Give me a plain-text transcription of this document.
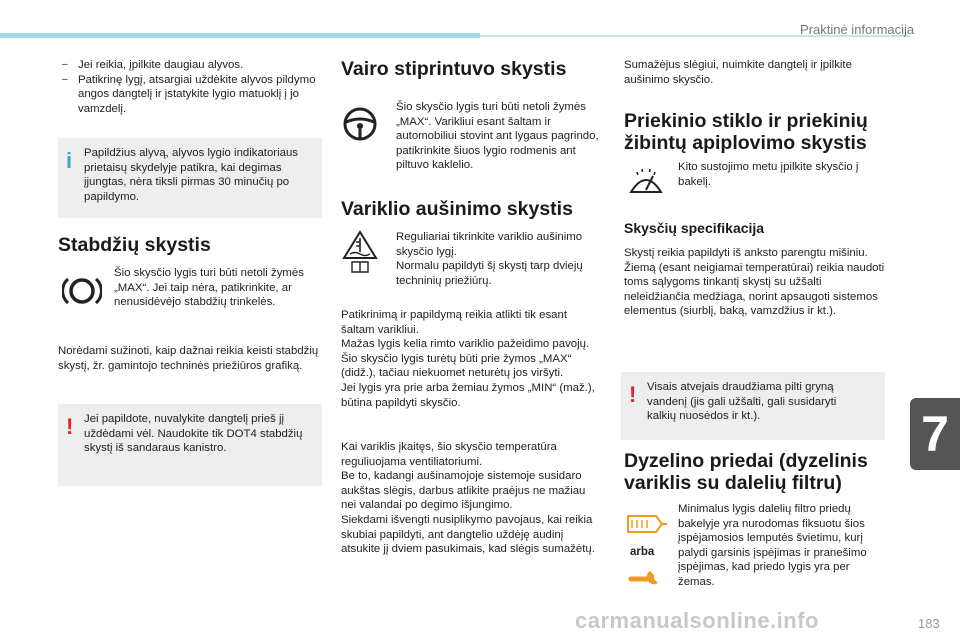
Praktinė informacija
– Jei reikia, įpilkite daugiau alyvos.
– Patikrinę lygį, atsargiai uždėkite alyvos pildymo angos dangtelį ir įstatykite lygio matuoklį į jo vamzdelį.
i Papildžius alyvą, alyvos lygio indikatoriaus prietaisų skydelyje patikra, kai degimas įjungtas, nėra tiksli pirmas 30 minučių po papildymo.
Stabdžių skystis
Šio skysčio lygis turi būti netoli žymės „MAX“. Jei taip nėra, patikrinkite, ar nenusidėvėjo stabdžių trinkelės.
Norėdami sužinoti, kaip dažnai reikia keisti stabdžių skystį, žr. gamintojo techninės priežiūros grafiką.
! Jei papildote, nuvalykite dangtelį prieš jį uždėdami vėl. Naudokite tik DOT4 stabdžių skystį iš sandaraus kanistro.
Vairo stiprintuvo skystis
Šio skysčio lygis turi būti netoli žymės „MAX“. Varikliui esant šaltam ir automobiliui stovint ant lygaus pagrindo, patikrinkite šiuos lygio rodmenis ant piltuvo kaklelio.
Variklio aušinimo skystis
Reguliariai tikrinkite variklio aušinimo skysčio lygį.
Normalu papildyti šį skystį tarp dviejų techninių priežiūrų.
Patikrinimą ir papildymą reikia atlikti tik esant šaltam varikliui.
Mažas lygis kelia rimto variklio pažeidimo pavojų.
Šio skysčio lygis turėtų būti prie žymos „MAX“ (didž.), tačiau niekuomet neturėtų jos viršyti.
Jei lygis yra prie arba žemiau žymos „MIN“ (maž.), būtina papildyti skysčio.
Kai variklis įkaitęs, šio skysčio temperatūra reguliuojama ventiliatoriumi.
Be to, kadangi aušinamojoje sistemoje susidaro aukštas slėgis, darbus atlikite praėjus ne mažiau nei valandai po degimo išjungimo.
Siekdami išvengti nusiplikymo pavojaus, kai reikia skubiai papildyti, ant dangtelio uždėję audinį atsukite jį dviem pasukimais, kad slėgis sumažėtų.
Sumažėjus slėgiui, nuimkite dangtelį ir įpilkite aušinimo skysčio.
Priekinio stiklo ir priekinių žibintų apiplovimo skystis
Kito sustojimo metu įpilkite skysčio į bakelį.
Skysčių specifikacija
Skystį reikia papildyti iš anksto parengtu mišiniu.
Žiemą (esant neigiamai temperatūrai) reikia naudoti toms sąlygoms tinkantį skystį su užšalti neleidžiančia medžiaga, norint apsaugoti sistemos elementus (siurblį, baką, vamzdžius ir kt.).
! Visais atvejais draudžiama pilti gryną vandenį (jis gali užšalti, gali susidaryti kalkių nuosėdos ir kt.).
Dyzelino priedai (dyzelinis variklis su dalelių filtru)
arba
Minimalus lygis dalelių filtro priedų bakelyje yra nurodomas fiksuotu šios įspėjamosios lemputės švietimu, kurį palydi garsinis įspėjimas ir pranešimo įspėjimas, kad priedo lygis yra per žemas.
7
carmanualsonline.info	183
